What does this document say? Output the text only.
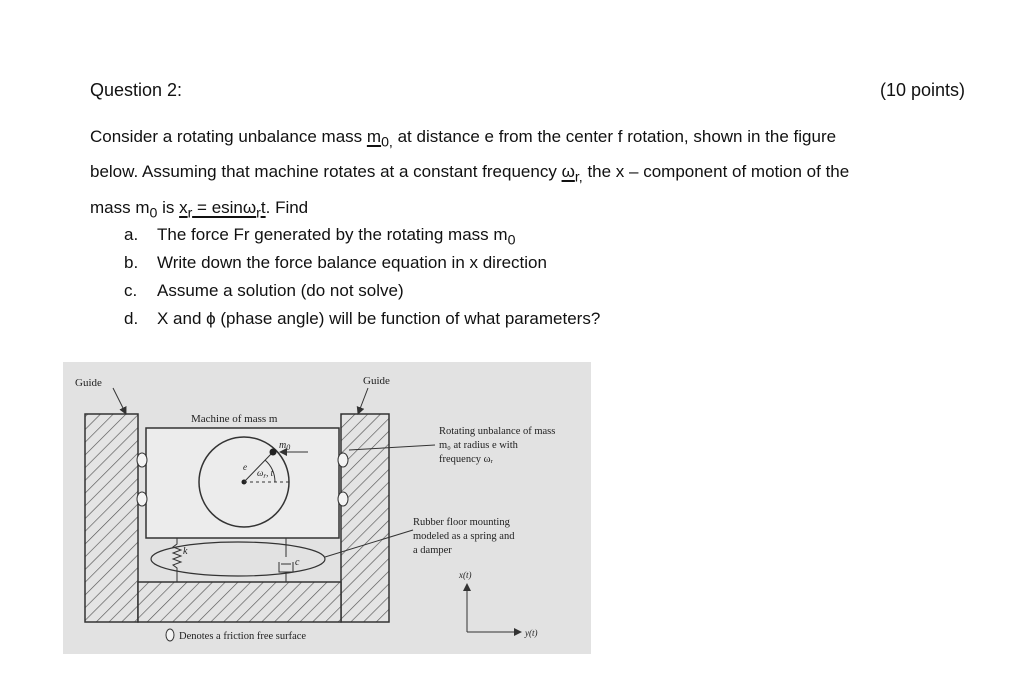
Question 2:	(10 points)

Consider a rotating unbalance mass $m_{0,}$ at distance e from the center f rotation, shown in the figure

below. Assuming that machine rotates at a constant frequency $\omega_{r,}$ the x – component of motion of the

mass $m_0$ is $x_r = esin\omega_rt$. Find

a. The force Fr generated by the rotating mass $m_0$
b. Write down the force balance equation in x direction
c. Assume a solution (do not solve)
d. X and ϕ (phase angle) will be function of what parameters?
Guide	Guide
Machine of mass m
$m_0$
e
$\omega_r$, t
k
c
Rotating unbalance of mass
m₀ at radius e with
frequency ωᵣ
Rubber floor mounting
modeled as a spring and
a damper
x(t)
y(t)
Denotes a friction free surface
